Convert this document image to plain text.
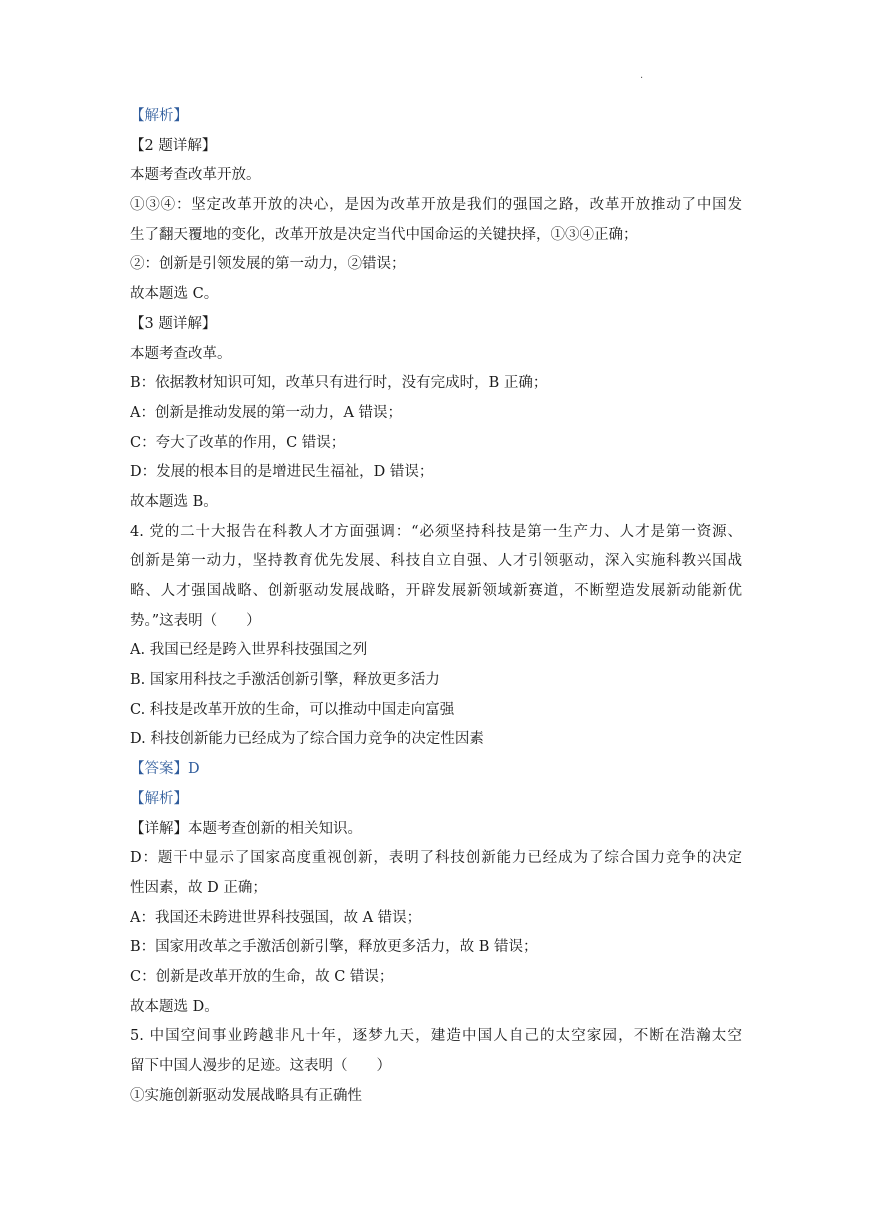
.
【解析】
【2 题详解】
本题考查改革开放。
①③④：坚定改革开放的决心，是因为改革开放是我们的强国之路，改革开放推动了中国发
生了翻天覆地的变化，改革开放是决定当代中国命运的关键抉择，①③④正确；
②：创新是引领发展的第一动力，②错误；
故本题选 C。
【3 题详解】
本题考查改革。
B：依据教材知识可知，改革只有进行时，没有完成时，B 正确；
A：创新是推动发展的第一动力，A 错误；
C：夸大了改革的作用，C 错误；
D：发展的根本目的是增进民生福祉，D 错误；
故本题选 B。
4. 党的二十大报告在科教人才方面强调：“必须坚持科技是第一生产力、人才是第一资源、
创新是第一动力，坚持教育优先发展、科技自立自强、人才引领驱动，深入实施科教兴国战
略、人才强国战略、创新驱动发展战略，开辟发展新领域新赛道，不断塑造发展新动能新优
势。”这表明（　　）
A. 我国已经是跨入世界科技强国之列
B. 国家用科技之手激活创新引擎，释放更多活力
C. 科技是改革开放的生命，可以推动中国走向富强
D. 科技创新能力已经成为了综合国力竞争的决定性因素
【答案】D
【解析】
【详解】本题考查创新的相关知识。
D：题干中显示了国家高度重视创新，表明了科技创新能力已经成为了综合国力竞争的决定
性因素，故 D 正确；
A：我国还未跨进世界科技强国，故 A 错误；
B：国家用改革之手激活创新引擎，释放更多活力，故 B 错误；
C：创新是改革开放的生命，故 C 错误；
故本题选 D。
5. 中国空间事业跨越非凡十年，逐梦九天，建造中国人自己的太空家园，不断在浩瀚太空
留下中国人漫步的足迹。这表明（　　）
①实施创新驱动发展战略具有正确性
